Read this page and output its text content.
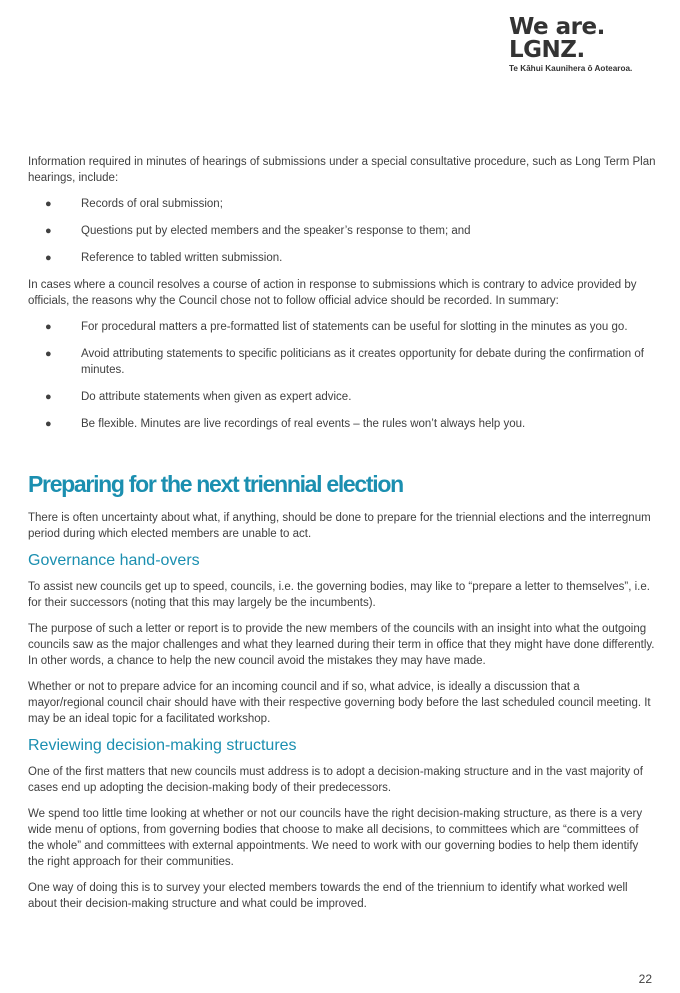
We are.
LGNZ.
Te Kāhui Kaunihera ō Aotearoa.

Information required in minutes of hearings of submissions under a special consultative procedure, such as Long Term Plan hearings, include:

●	Records of oral submission;
●	Questions put by elected members and the speaker’s response to them; and
●	Reference to tabled written submission.

In cases where a council resolves a course of action in response to submissions which is contrary to advice provided by officials, the reasons why the Council chose not to follow official advice should be recorded. In summary:

●	For procedural matters a pre-formatted list of statements can be useful for slotting in the minutes as you go.
●	Avoid attributing statements to specific politicians as it creates opportunity for debate during the confirmation of minutes.
●	Do attribute statements when given as expert advice.
●	Be flexible. Minutes are live recordings of real events – the rules won’t always help you.
Preparing for the next triennial election

There is often uncertainty about what, if anything, should be done to prepare for the triennial elections and the interregnum period during which elected members are unable to act.

Governance hand-overs

To assist new councils get up to speed, councils, i.e. the governing bodies, may like to “prepare a letter to themselves”, i.e. for their successors (noting that this may largely be the incumbents).

The purpose of such a letter or report is to provide the new members of the councils with an insight into what the outgoing councils saw as the major challenges and what they learned during their term in office that they might have done differently. In other words, a chance to help the new council avoid the mistakes they may have made.

Whether or not to prepare advice for an incoming council and if so, what advice, is ideally a discussion that a mayor/regional council chair should have with their respective governing body before the last scheduled council meeting. It may be an ideal topic for a facilitated workshop.

Reviewing decision-making structures

One of the first matters that new councils must address is to adopt a decision-making structure and in the vast majority of cases end up adopting the decision-making body of their predecessors.

We spend too little time looking at whether or not our councils have the right decision-making structure, as there is a very wide menu of options, from governing bodies that choose to make all decisions, to committees which are “committees of the whole” and committees with external appointments. We need to work with our governing bodies to help them identify the right approach for their communities.

One way of doing this is to survey your elected members towards the end of the triennium to identify what worked well about their decision-making structure and what could be improved.

22
